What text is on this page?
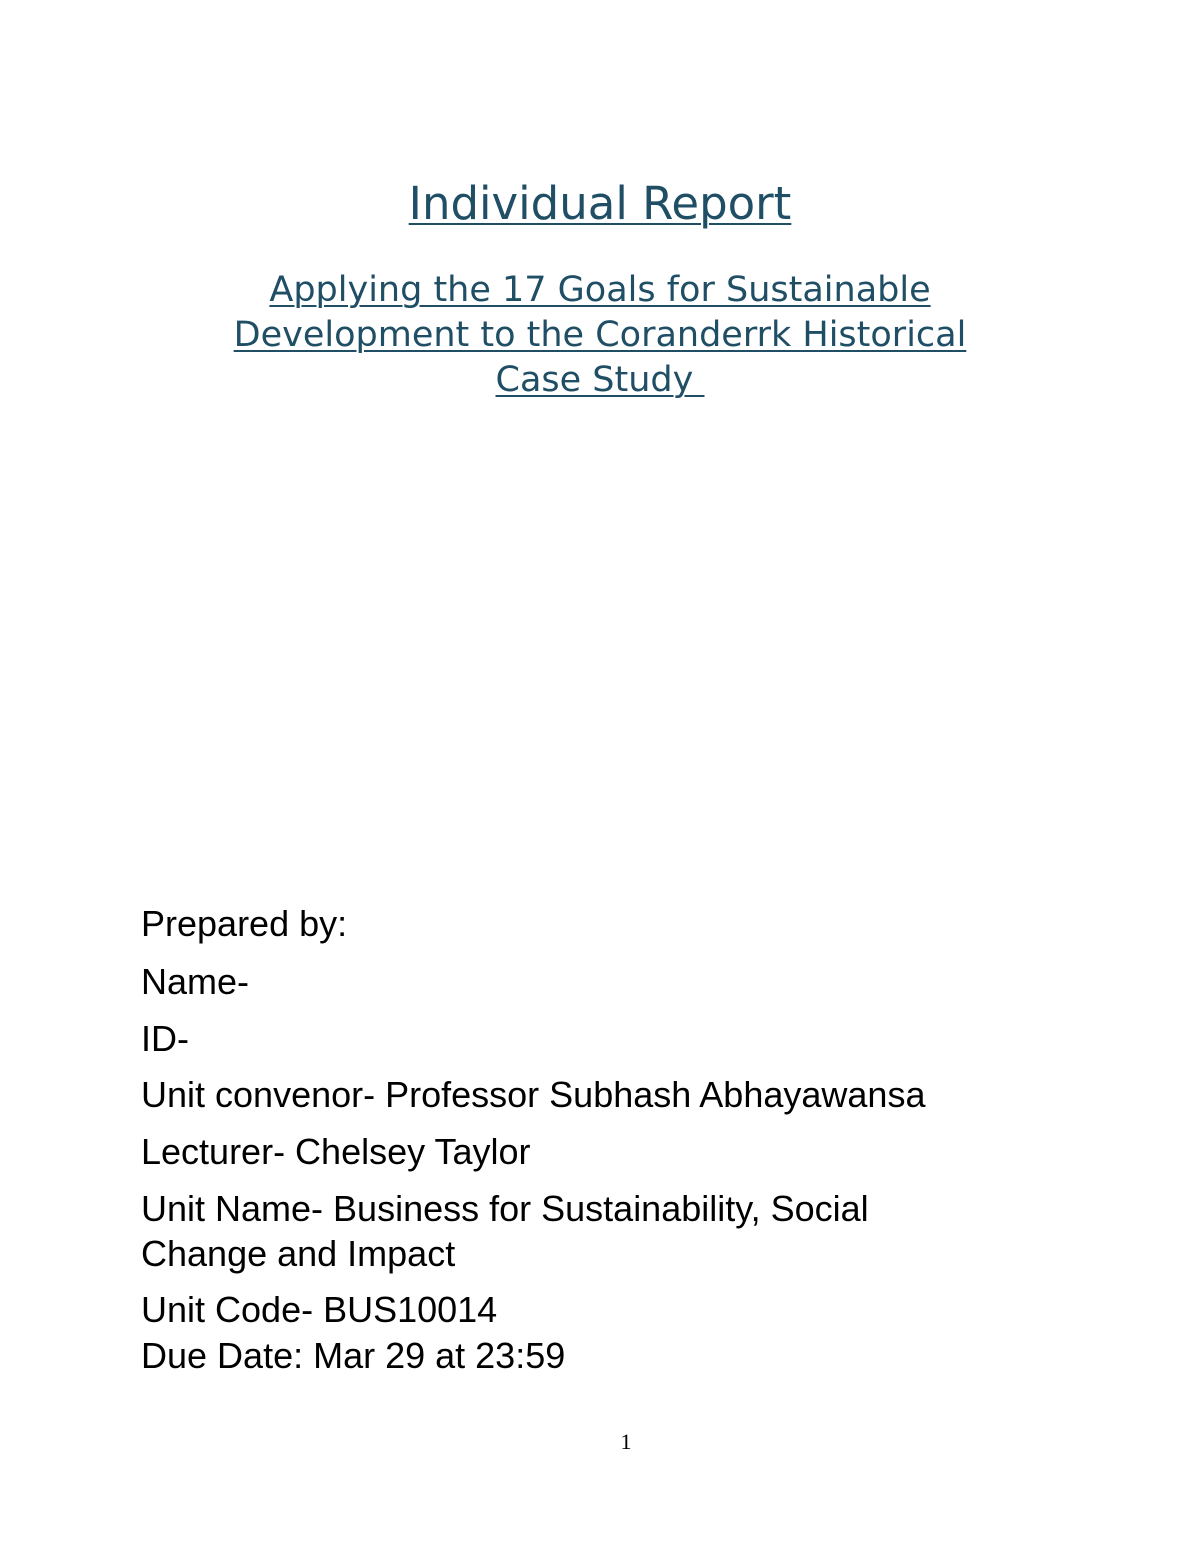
Individual Report
Applying the 17 Goals for Sustainable
Development to the Coranderrk Historical
Case Study
Prepared by:
Name-
ID-
Unit convenor- Professor Subhash Abhayawansa
Lecturer- Chelsey Taylor
Unit Name- Business for Sustainability, Social
Change and Impact
Unit Code- BUS10014
Due Date: Mar 29 at 23:59
1
